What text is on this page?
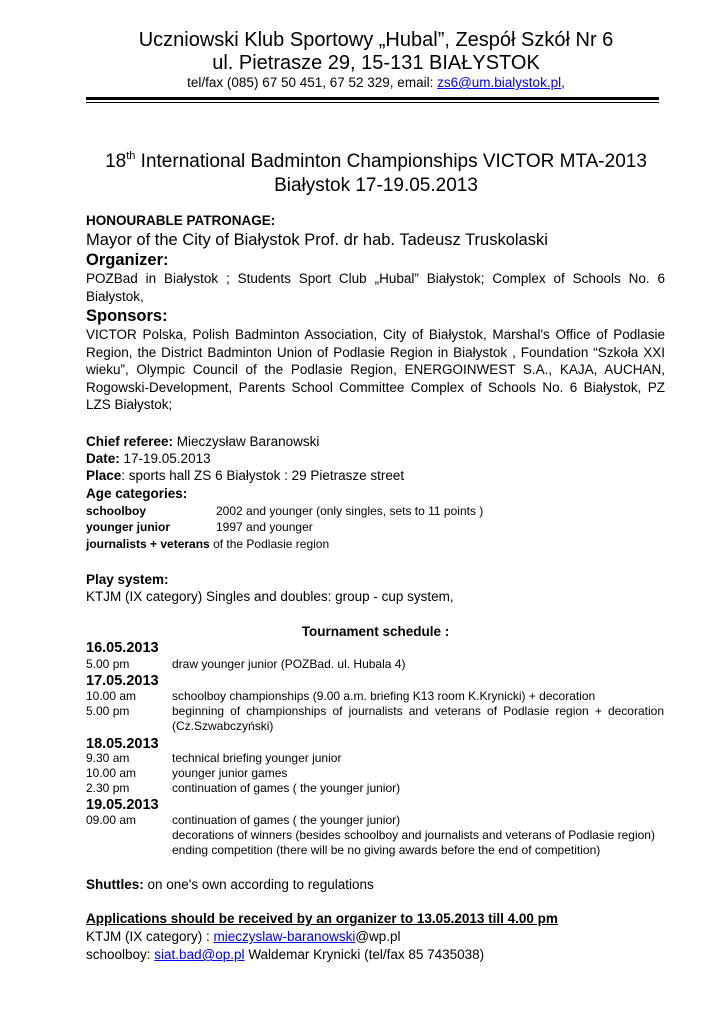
Uczniowski Klub Sportowy „Hubal”, Zespół Szkół Nr 6
ul. Pietrasze 29, 15-131 BIAŁYSTOK
tel/fax (085) 67 50 451, 67 52 329, email: zs6@um.bialystok.pl,
18th International Badminton Championships VICTOR MTA-2013
Białystok 17-19.05.2013
HONOURABLE PATRONAGE:
Mayor of the City of Białystok Prof. dr hab. Tadeusz Truskolaski
Organizer:
POZBad in Białystok ; Students Sport Club „Hubal” Białystok; Complex of Schools No. 6 Białystok,
Sponsors:
VICTOR Polska, Polish Badminton Association, City of Białystok, Marshal's Office of Podlasie Region, the District Badminton Union of Podlasie Region in Białystok , Foundation “Szkoła XXI wieku”, Olympic Council of the Podlasie Region, ENERGOINWEST S.A., KAJA, AUCHAN, Rogowski-Development, Parents School Committee Complex of Schools No. 6 Białystok, PZ LZS Białystok;
Chief referee: Mieczysław Baranowski
Date: 17-19.05.2013
Place: sports hall ZS 6 Białystok : 29 Pietrasze street
Age categories:
schoolboy	2002 and younger (only singles, sets to 11 points )
younger junior	1997 and younger
journalists + veterans of the Podlasie region
Play system:
KTJM (IX category) Singles and doubles: group - cup system,
Tournament schedule :
16.05.2013
5.00 pm	draw younger junior (POZBad. ul. Hubala 4)
17.05.2013
10.00 am	schoolboy championships (9.00 a.m. briefing K13 room K.Krynicki) + decoration
5.00 pm	beginning of championships of journalists and veterans of Podlasie region + decoration (Cz.Szwabczyński)
18.05.2013
9.30 am	technical briefing younger junior
10.00 am	younger junior games
2.30 pm	continuation of games ( the younger junior)
19.05.2013
09.00 am	continuation of games ( the younger junior)
decorations of winners (besides schoolboy and journalists and veterans of Podlasie region)
ending competition (there will be no giving awards before the end of competition)
Shuttles: on one's own according to regulations
Applications should be received by an organizer to 13.05.2013 till 4.00 pm
KTJM (IX category) : mieczyslaw-baranowski@wp.pl
schoolboy: siat.bad@op.pl Waldemar Krynicki (tel/fax 85 7435038)
